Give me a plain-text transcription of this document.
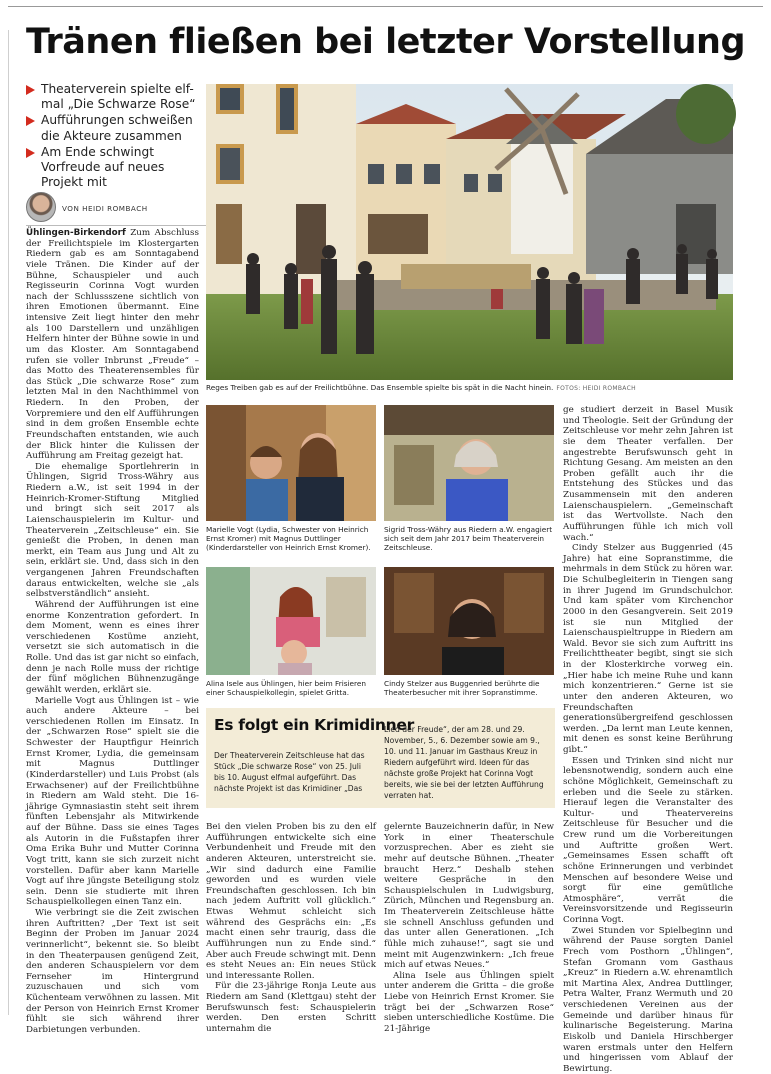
Tränen fließen bei letzter Vorstellung
Theaterverein spielte elf-mal „Die Schwarze Rose“
Aufführungen schweißen die Akteure zusammen
Am Ende schwingt Vorfreude auf neues Projekt mit
VON HEIDI ROMBACH

Ühlingen-Birkendorf Zum Abschluss der Freilichtspiele im Klostergarten Riedern gab es am Sonntagabend viele Tränen. Die Kinder auf der Bühne, Schauspieler und auch Regisseurin Corinna Vogt wurden nach der Schlussszene sichtlich von ihren Emotionen übermannt. Eine intensive Zeit liegt hinter den mehr als 100 Darstellern und unzähligen Helfern hinter der Bühne sowie in und um das Kloster. Am Sonntagabend rufen sie voller Inbrunst „Freude“ – das Motto des Theaterensembles für das Stück „Die schwarze Rose“ zum letzten Mal in den Nachthimmel von Riedern. In den Proben, der Vorpremiere und den elf Aufführungen sind in dem großen Ensemble echte Freundschaften entstanden, wie auch der Blick hinter die Kulissen der Aufführung am Freitag gezeigt hat.

Die ehemalige Sportlehrerin in Ühlingen, Sigrid Tross-Währy aus Riedern a.W., ist seit 1994 in der Heinrich-Kromer-Stiftung Mitglied und bringt sich seit 2017 als Laienschauspielerin im Kultur- und Theaterverein „Zeitschleuse“ ein. Sie genießt die Proben, in denen man merkt, ein Team aus Jung und Alt zu sein, erklärt sie. Und, dass sich in den vergangenen Jahren Freundschaften daraus entwickelten, welche sie „als selbstverständlich“ ansieht.

Während der Aufführungen ist eine enorme Konzentration gefordert. In dem Moment, wenn es eines ihrer verschiedenen Kostüme anzieht, versetzt sie sich automatisch in die Rolle. Und das ist gar nicht so einfach, denn je nach Rolle muss der richtige der fünf möglichen Bühnenzugänge gewählt werden, erklärt sie.

Marielle Vogt aus Ühlingen ist – wie auch andere Akteure – bei verschiedenen Rollen im Einsatz. In der „Schwarzen Rose“ spielt sie die Schwester der Hauptfigur Heinrich Ernst Kromer, Lydia, die gemeinsam mit Magnus Duttlinger (Kinderdarsteller) und Luis Probst (als Erwachsener) auf der Freilichtbühne in Riedern am Wald steht. Die 16-jährige Gymnasiastin steht seit ihrem fünften Lebensjahr als Mitwirkende auf der Bühne. Dass sie eines Tages als Autorin in die Fußstapfen ihrer Oma Erika Buhr und Mutter Corinna Vogt tritt, kann sie sich zurzeit nicht vorstellen. Dafür aber kann Marielle Vogt auf ihre jüngste Beteiligung stolz sein. Denn sie studierte mit ihren Schauspielkollegen einen Tanz ein.

Wie verbringt sie die Zeit zwischen ihren Auftritten? „Der Text ist seit Beginn der Proben im Januar 2024 verinnerlicht“, bekennt sie. So bleibt in den Theaterpausen genügend Zeit, den anderen Schauspielern vor dem Fernseher im Hintergrund zuzuschauen und sich vom Küchenteam verwöhnen zu lassen. Mit der Person von Heinrich Ernst Kromer fühlt sie sich während ihrer Darbietungen verbunden.

Reges Treiben gab es auf der Freilichtbühne. Das Ensemble spielte bis spät in die Nacht hinein. FOTOS: HEIDI ROMBACH
Marielle Vogt (Lydia, Schwester von Heinrich Ernst Kromer) mit Magnus Duttlinger (Kinderdarsteller von Heinrich Ernst Kromer).
Sigrid Tross-Währy aus Riedern a.W. engagiert sich seit dem Jahr 2017 beim Theaterverein Zeitschleuse.
Alina Isele aus Ühlingen, hier beim Frisieren einer Schauspielkollegin, spielet Gritta.
Cindy Stelzer aus Buggenried berührte die Theaterbesucher mit ihrer Sopranstimme.
Es folgt ein Krimidinner
Der Theaterverein Zeitschleuse hat das Stück „Die schwarze Rose“ von 25. Juli bis 10. August elfmal aufgeführt. Das nächste Projekt ist das Krimidiner „Das
Lied der Freude“, der am 28. und 29. November, 5., 6. Dezember sowie am 9., 10. und 11. Januar im Gasthaus Kreuz in Riedern aufgeführt wird. Ideen für das nächste große Projekt hat Corinna Vogt bereits, wie sie bei der letzten Aufführung verraten hat.

Bei den vielen Proben bis zu den elf Aufführungen entwickelte sich eine Verbundenheit und Freude mit den anderen Akteuren, unterstreicht sie. „Wir sind dadurch eine Familie geworden und es wurden viele Freundschaften geschlossen. Ich bin nach jedem Auftritt voll glücklich.“ Etwas Wehmut schleicht sich während des Gesprächs ein: „Es macht einen sehr traurig, dass die Aufführungen nun zu Ende sind.“ Aber auch Freude schwingt mit. Denn es steht Neues an: Ein neues Stück und interessante Rollen.

Für die 23-jährige Ronja Leute aus Riedern am Sand (Klettgau) steht der Berufswunsch fest: Schauspielerin werden. Den ersten Schritt unternahm die

gelernte Bauzeichnerin dafür, in New York in einer Theaterschule vorzusprechen. Aber es zieht sie mehr auf deutsche Bühnen. „Theater braucht Herz.“ Deshalb stehen weitere Gespräche in den Schauspielschulen in Ludwigsburg, Zürich, München und Regensburg an. Im Theaterverein Zeitschleuse hätte sie schnell Anschluss gefunden und das unter allen Generationen. „Ich fühle mich zuhause!“, sagt sie und meint mit Augenzwinkern: „Ich freue mich auf etwas Neues.“

Alina Isele aus Ühlingen spielt unter anderem die Gritta – die große Liebe von Heinrich Ernst Kromer. Sie trägt bei der „Schwarzen Rose“ sieben unterschiedliche Kostüme. Die 21-Jährige

ge studiert derzeit in Basel Musik und Theologie. Seit der Gründung der Zeitschleuse vor mehr zehn Jahren ist sie dem Theater verfallen. Der angestrebte Berufswunsch geht in Richtung Gesang. Am meisten an den Proben gefällt auch ihr die Entstehung des Stückes und das Zusammensein mit den anderen Laienschauspielern. „Gemeinschaft ist das Wertvollste. Nach den Aufführungen fühle ich mich voll wach.“

Cindy Stelzer aus Buggenried (45 Jahre) hat eine Sopranstimme, die mehrmals in dem Stück zu hören war. Die Schulbegleiterin in Tiengen sang in ihrer Jugend im Grundschulchor. Und kam später vom Kirchenchor 2000 in den Gesangverein. Seit 2019 ist sie nun Mitglied der Laienschauspieltruppe in Riedern am Wald. Bevor sie sich zum Auftritt ins Freilichttheater begibt, singt sie sich in der Klosterkirche vorweg ein. „Hier habe ich meine Ruhe und kann mich konzentrieren.“ Gerne ist sie unter den anderen Akteuren, wo Freundschaften generationsübergreifend geschlossen werden. „Da lernt man Leute kennen, mit denen es sonst keine Berührung gibt.“

Essen und Trinken sind nicht nur lebensnotwendig, sondern auch eine schöne Möglichkeit, Gemeinschaft zu erleben und die Seele zu stärken. Hierauf legen die Veranstalter des Kultur- und Theatervereins Zeitschleuse für Besucher und die Crew rund um die Vorbereitungen und Auftritte großen Wert. „Gemeinsames Essen schafft oft schöne Erinnerungen und verbindet Menschen auf besondere Weise und sorgt für eine gemütliche Atmosphäre“, verrät die Vereinsvorsitzende und Regisseurin Corinna Vogt.

Zwei Stunden vor Spielbeginn und während der Pause sorgten Daniel Frech vom Posthorn „Ühlingen“, Stefan Gromann vom Gasthaus „Kreuz“ in Riedern a.W. ehrenamtlich mit Martina Alex, Andrea Duttlinger, Petra Walter, Franz Wermuth und 20 verschiedenen Vereinen aus der Gemeinde und darüber hinaus für kulinarische Begeisterung. Marina Eiskolb und Daniela Hirschberger waren erstmals unter den Helfern und hingerissen vom Ablauf der Bewirtung.
